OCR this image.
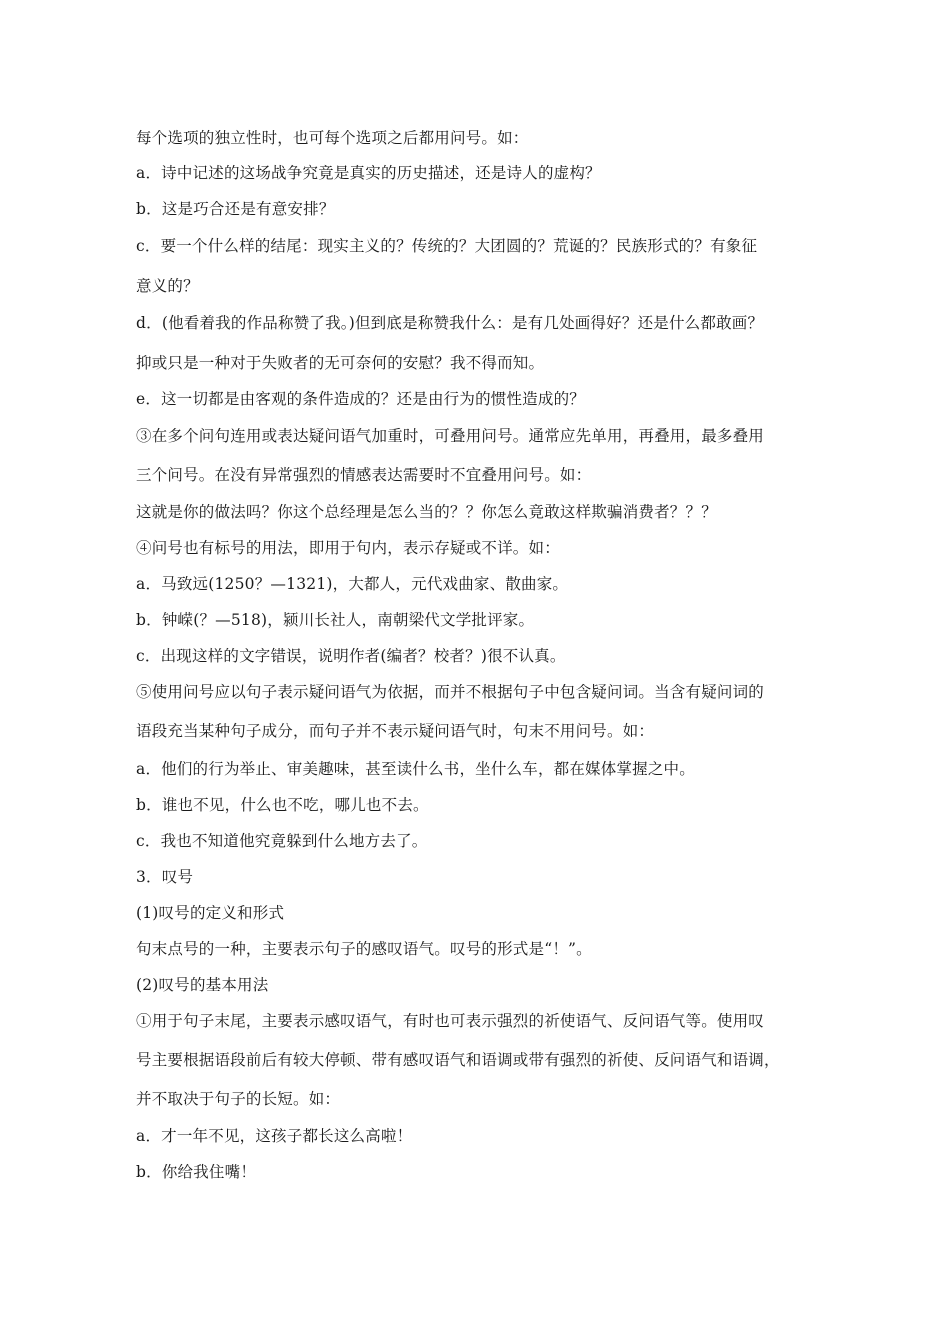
每个选项的独立性时，也可每个选项之后都用问号。如：
a．诗中记述的这场战争究竟是真实的历史描述，还是诗人的虚构？
b．这是巧合还是有意安排？
c．要一个什么样的结尾：现实主义的？传统的？大团圆的？荒诞的？民族形式的？有象征
意义的？
d．(他看着我的作品称赞了我。)但到底是称赞我什么：是有几处画得好？还是什么都敢画？
抑或只是一种对于失败者的无可奈何的安慰？我不得而知。
e．这一切都是由客观的条件造成的？还是由行为的惯性造成的？
③在多个问句连用或表达疑问语气加重时，可叠用问号。通常应先单用，再叠用，最多叠用
三个问号。在没有异常强烈的情感表达需要时不宜叠用问号。如：
这就是你的做法吗？你这个总经理是怎么当的？？你怎么竟敢这样欺骗消费者？？？
④问号也有标号的用法，即用于句内，表示存疑或不详。如：
a．马致远(1250？—1321)，大都人，元代戏曲家、散曲家。
b．钟嵘(？—518)，颍川长社人，南朝梁代文学批评家。
c．出现这样的文字错误，说明作者(编者？校者？)很不认真。
⑤使用问号应以句子表示疑问语气为依据，而并不根据句子中包含疑问词。当含有疑问词的
语段充当某种句子成分，而句子并不表示疑问语气时，句末不用问号。如：
a．他们的行为举止、审美趣味，甚至读什么书，坐什么车，都在媒体掌握之中。
b．谁也不见，什么也不吃，哪儿也不去。
c．我也不知道他究竟躲到什么地方去了。
3．叹号
(1)叹号的定义和形式
句末点号的一种，主要表示句子的感叹语气。叹号的形式是“！”。
(2)叹号的基本用法
①用于句子末尾，主要表示感叹语气，有时也可表示强烈的祈使语气、反问语气等。使用叹
号主要根据语段前后有较大停顿、带有感叹语气和语调或带有强烈的祈使、反问语气和语调，
并不取决于句子的长短。如：
a．才一年不见，这孩子都长这么高啦！
b．你给我住嘴！
